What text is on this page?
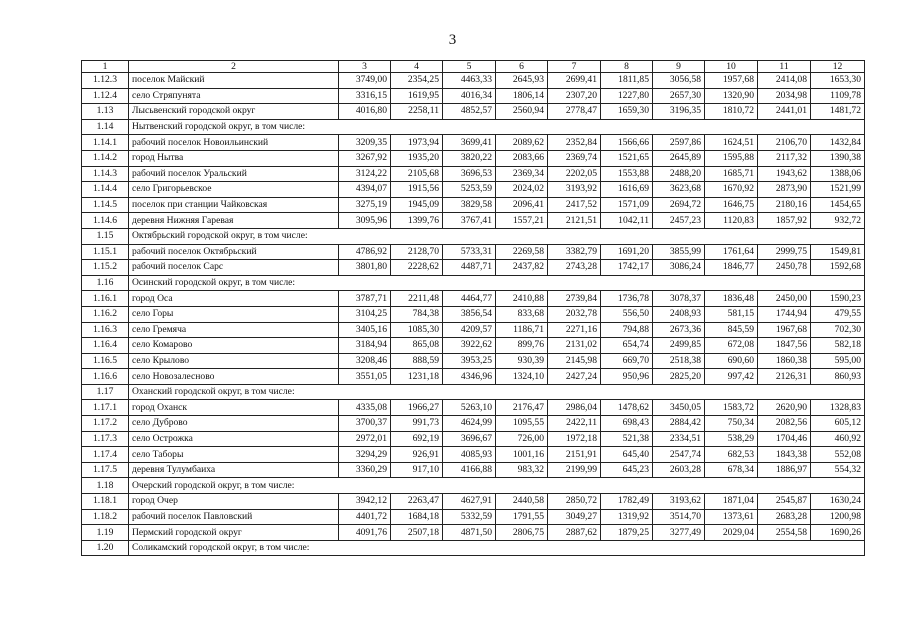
3
1	2	3	4	5	6	7	8	9	10	11	12
1.12.3	поселок Майский	3749,00	2354,25	4463,33	2645,93	2699,41	1811,85	3056,58	1957,68	2414,08	1653,30
1.12.4	село Стряпунята	3316,15	1619,95	4016,34	1806,14	2307,20	1227,80	2657,30	1320,90	2034,98	1109,78
1.13	Лысьвенский городской округ	4016,80	2258,11	4852,57	2560,94	2778,47	1659,30	3196,35	1810,72	2441,01	1481,72
1.14	Нытвенский городской округ, в том числе:										
1.14.1	рабочий поселок Новоильинский	3209,35	1973,94	3699,41	2089,62	2352,84	1566,66	2597,86	1624,51	2106,70	1432,84
1.14.2	город Нытва	3267,92	1935,20	3820,22	2083,66	2369,74	1521,65	2645,89	1595,88	2117,32	1390,38
1.14.3	рабочий поселок Уральский	3124,22	2105,68	3696,53	2369,34	2202,05	1553,88	2488,20	1685,71	1943,62	1388,06
1.14.4	село Григорьевское	4394,07	1915,56	5253,59	2024,02	3193,92	1616,69	3623,68	1670,92	2873,90	1521,99
1.14.5	поселок при станции Чайковская	3275,19	1945,09	3829,58	2096,41	2417,52	1571,09	2694,72	1646,75	2180,16	1454,65
1.14.6	деревня Нижняя Гаревая	3095,96	1399,76	3767,41	1557,21	2121,51	1042,11	2457,23	1120,83	1857,92	932,72
1.15	Октябрьский городской округ, в том числе:										
1.15.1	рабочий поселок Октябрьский	4786,92	2128,70	5733,31	2269,58	3382,79	1691,20	3855,99	1761,64	2999,75	1549,81
1.15.2	рабочий поселок Сарс	3801,80	2228,62	4487,71	2437,82	2743,28	1742,17	3086,24	1846,77	2450,78	1592,68
1.16	Осинский городской округ, в том числе:										
1.16.1	город Оса	3787,71	2211,48	4464,77	2410,88	2739,84	1736,78	3078,37	1836,48	2450,00	1590,23
1.16.2	село Горы	3104,25	784,38	3856,54	833,68	2032,78	556,50	2408,93	581,15	1744,94	479,55
1.16.3	село Гремяча	3405,16	1085,30	4209,57	1186,71	2271,16	794,88	2673,36	845,59	1967,68	702,30
1.16.4	село Комарово	3184,94	865,08	3922,62	899,76	2131,02	654,74	2499,85	672,08	1847,56	582,18
1.16.5	село Крылово	3208,46	888,59	3953,25	930,39	2145,98	669,70	2518,38	690,60	1860,38	595,00
1.16.6	село Новозалесново	3551,05	1231,18	4346,96	1324,10	2427,24	950,96	2825,20	997,42	2126,31	860,93
1.17	Оханский городской округ, в том числе:										
1.17.1	город Оханск	4335,08	1966,27	5263,10	2176,47	2986,04	1478,62	3450,05	1583,72	2620,90	1328,83
1.17.2	село Дуброво	3700,37	991,73	4624,99	1095,55	2422,11	698,43	2884,42	750,34	2082,56	605,12
1.17.3	село Острожка	2972,01	692,19	3696,67	726,00	1972,18	521,38	2334,51	538,29	1704,46	460,92
1.17.4	село Таборы	3294,29	926,91	4085,93	1001,16	2151,91	645,40	2547,74	682,53	1843,38	552,08
1.17.5	деревня Тулумбаиха	3360,29	917,10	4166,88	983,32	2199,99	645,23	2603,28	678,34	1886,97	554,32
1.18	Очерский городской округ, в том числе:										
1.18.1	город Очер	3942,12	2263,47	4627,91	2440,58	2850,72	1782,49	3193,62	1871,04	2545,87	1630,24
1.18.2	рабочий поселок Павловский	4401,72	1684,18	5332,59	1791,55	3049,27	1319,92	3514,70	1373,61	2683,28	1200,98
1.19	Пермский городской округ	4091,76	2507,18	4871,50	2806,75	2887,62	1879,25	3277,49	2029,04	2554,58	1690,26
1.20	Соликамский городской округ, в том числе:										
